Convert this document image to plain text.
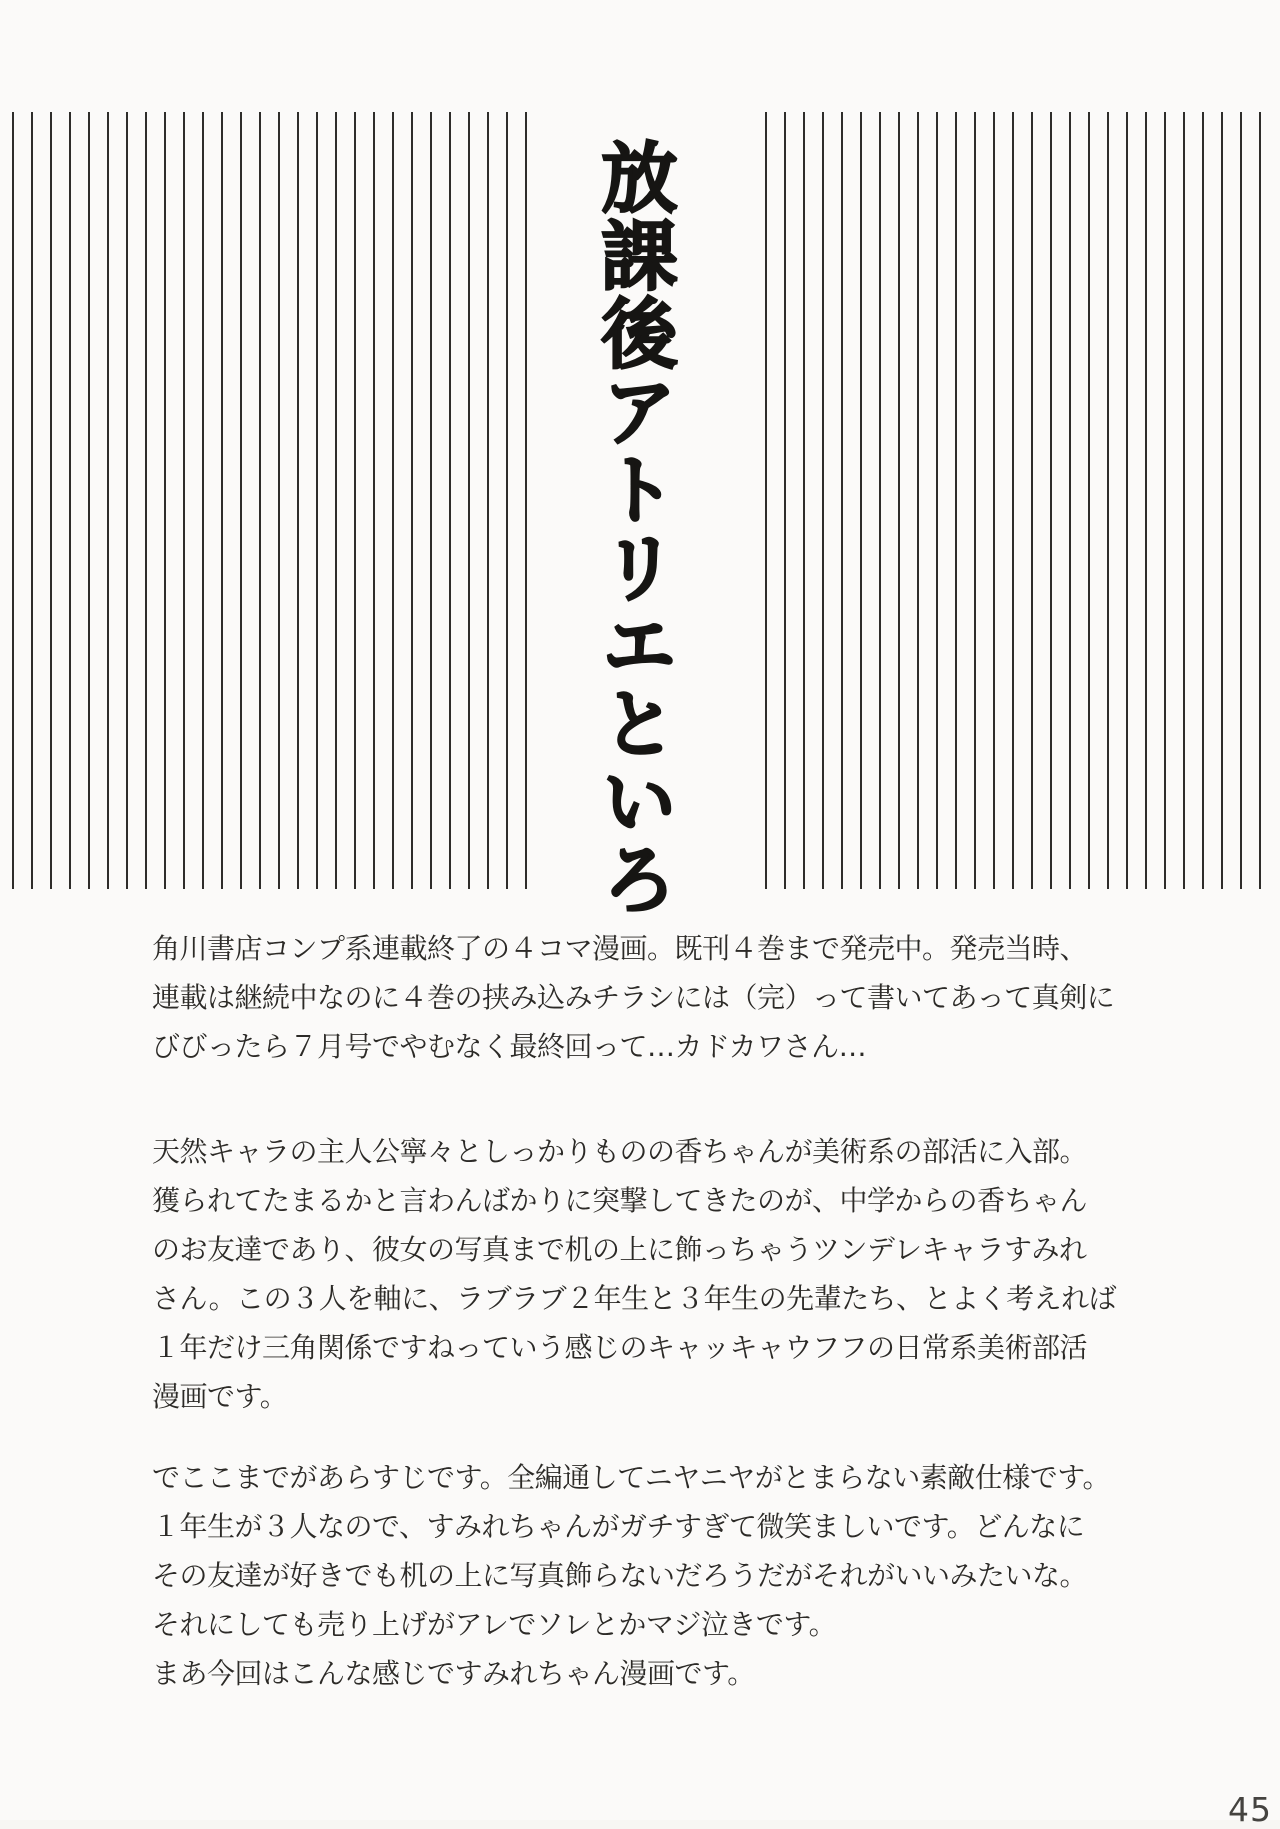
放課後アトリエといろ

角川書店コンプ系連載終了の４コマ漫画。既刊４巻まで発売中。発売当時、
連載は継続中なのに４巻の挟み込みチラシには（完）って書いてあって真剣に
びびったら７月号でやむなく最終回って…カドカワさん…

天然キャラの主人公寧々としっかりものの香ちゃんが美術系の部活に入部。
獲られてたまるかと言わんばかりに突撃してきたのが、中学からの香ちゃん
のお友達であり、彼女の写真まで机の上に飾っちゃうツンデレキャラすみれ
さん。この３人を軸に、ラブラブ２年生と３年生の先輩たち、とよく考えれば
１年だけ三角関係ですねっていう感じのキャッキャウフフの日常系美術部活
漫画です。

でここまでがあらすじです。全編通してニヤニヤがとまらない素敵仕様です。
１年生が３人なので、すみれちゃんがガチすぎて微笑ましいです。どんなに
その友達が好きでも机の上に写真飾らないだろうだがそれがいいみたいな。
それにしても売り上げがアレでソレとかマジ泣きです。
まあ今回はこんな感じですみれちゃん漫画です。

45
